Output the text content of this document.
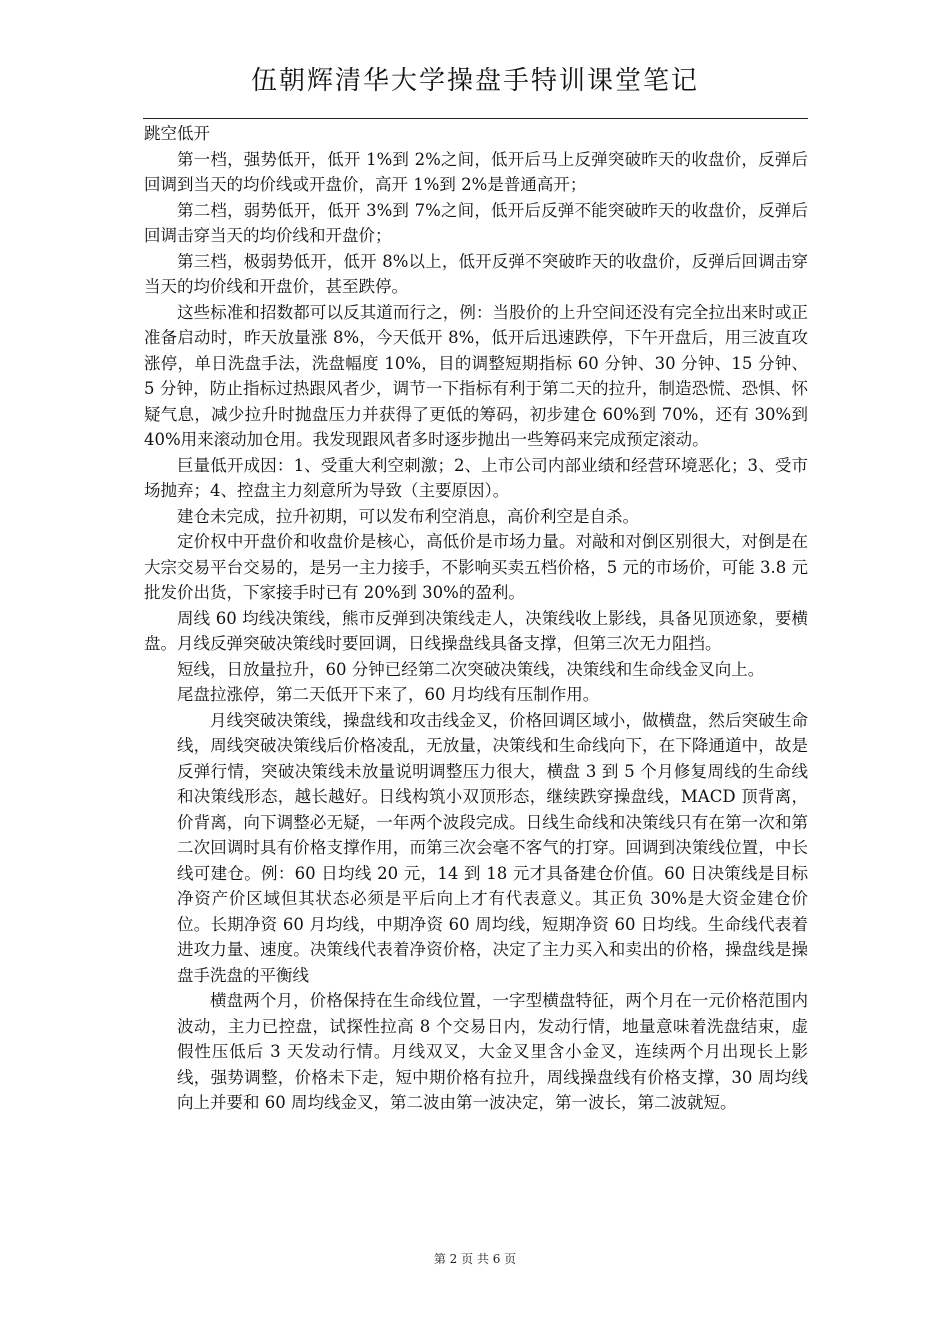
伍朝辉清华大学操盘手特训课堂笔记

跳空低开

第一档，强势低开，低开 1%到 2%之间，低开后马上反弹突破昨天的收盘价，反弹后回调到当天的均价线或开盘价，高开 1%到 2%是普通高开；

第二档，弱势低开，低开 3%到 7%之间，低开后反弹不能突破昨天的收盘价，反弹后回调击穿当天的均价线和开盘价；

第三档，极弱势低开，低开 8%以上，低开反弹不突破昨天的收盘价，反弹后回调击穿当天的均价线和开盘价，甚至跌停。

这些标准和招数都可以反其道而行之，例：当股价的上升空间还没有完全拉出来时或正准备启动时，昨天放量涨 8%，今天低开 8%，低开后迅速跌停，下午开盘后，用三波直攻涨停，单日洗盘手法，洗盘幅度 10%，目的调整短期指标 60 分钟、30 分钟、15 分钟、5 分钟，防止指标过热跟风者少，调节一下指标有利于第二天的拉升，制造恐慌、恐惧、怀疑气息，减少拉升时抛盘压力并获得了更低的筹码，初步建仓 60%到 70%，还有 30%到 40%用来滚动加仓用。我发现跟风者多时逐步抛出一些筹码来完成预定滚动。

巨量低开成因：1、受重大利空刺激；2、上市公司内部业绩和经营环境恶化；3、受市场抛弃；4、控盘主力刻意所为导致（主要原因）。

建仓未完成，拉升初期，可以发布利空消息，高价利空是自杀。

定价权中开盘价和收盘价是核心，高低价是市场力量。对敲和对倒区别很大，对倒是在大宗交易平台交易的，是另一主力接手，不影响买卖五档价格，5 元的市场价，可能 3.8 元批发价出货，下家接手时已有 20%到 30%的盈利。

周线 60 均线决策线，熊市反弹到决策线走人，决策线收上影线，具备见顶迹象，要横盘。月线反弹突破决策线时要回调，日线操盘线具备支撑，但第三次无力阻挡。

短线，日放量拉升，60 分钟已经第二次突破决策线，决策线和生命线金叉向上。

尾盘拉涨停，第二天低开下来了，60 月均线有压制作用。

月线突破决策线，操盘线和攻击线金叉，价格回调区域小，做横盘，然后突破生命线，周线突破决策线后价格凌乱，无放量，决策线和生命线向下，在下降通道中，故是反弹行情，突破决策线未放量说明调整压力很大，横盘 3 到 5 个月修复周线的生命线和决策线形态，越长越好。日线构筑小双顶形态，继续跌穿操盘线，MACD 顶背离，价背离，向下调整必无疑，一年两个波段完成。日线生命线和决策线只有在第一次和第二次回调时具有价格支撑作用，而第三次会毫不客气的打穿。回调到决策线位置，中长线可建仓。例：60 日均线 20 元，14 到 18 元才具备建仓价值。60 日决策线是目标净资产价区域但其状态必须是平后向上才有代表意义。其正负 30%是大资金建仓价位。长期净资 60 月均线，中期净资 60 周均线，短期净资 60 日均线。生命线代表着进攻力量、速度。决策线代表着净资价格，决定了主力买入和卖出的价格，操盘线是操盘手洗盘的平衡线

横盘两个月，价格保持在生命线位置，一字型横盘特征，两个月在一元价格范围内波动，主力已控盘，试探性拉高 8 个交易日内，发动行情，地量意味着洗盘结束，虚假性压低后 3 天发动行情。月线双叉，大金叉里含小金叉，连续两个月出现长上影线，强势调整，价格未下走，短中期价格有拉升，周线操盘线有价格支撑，30 周均线向上并要和 60 周均线金叉，第二波由第一波决定，第一波长，第二波就短。

第 2 页 共 6 页
